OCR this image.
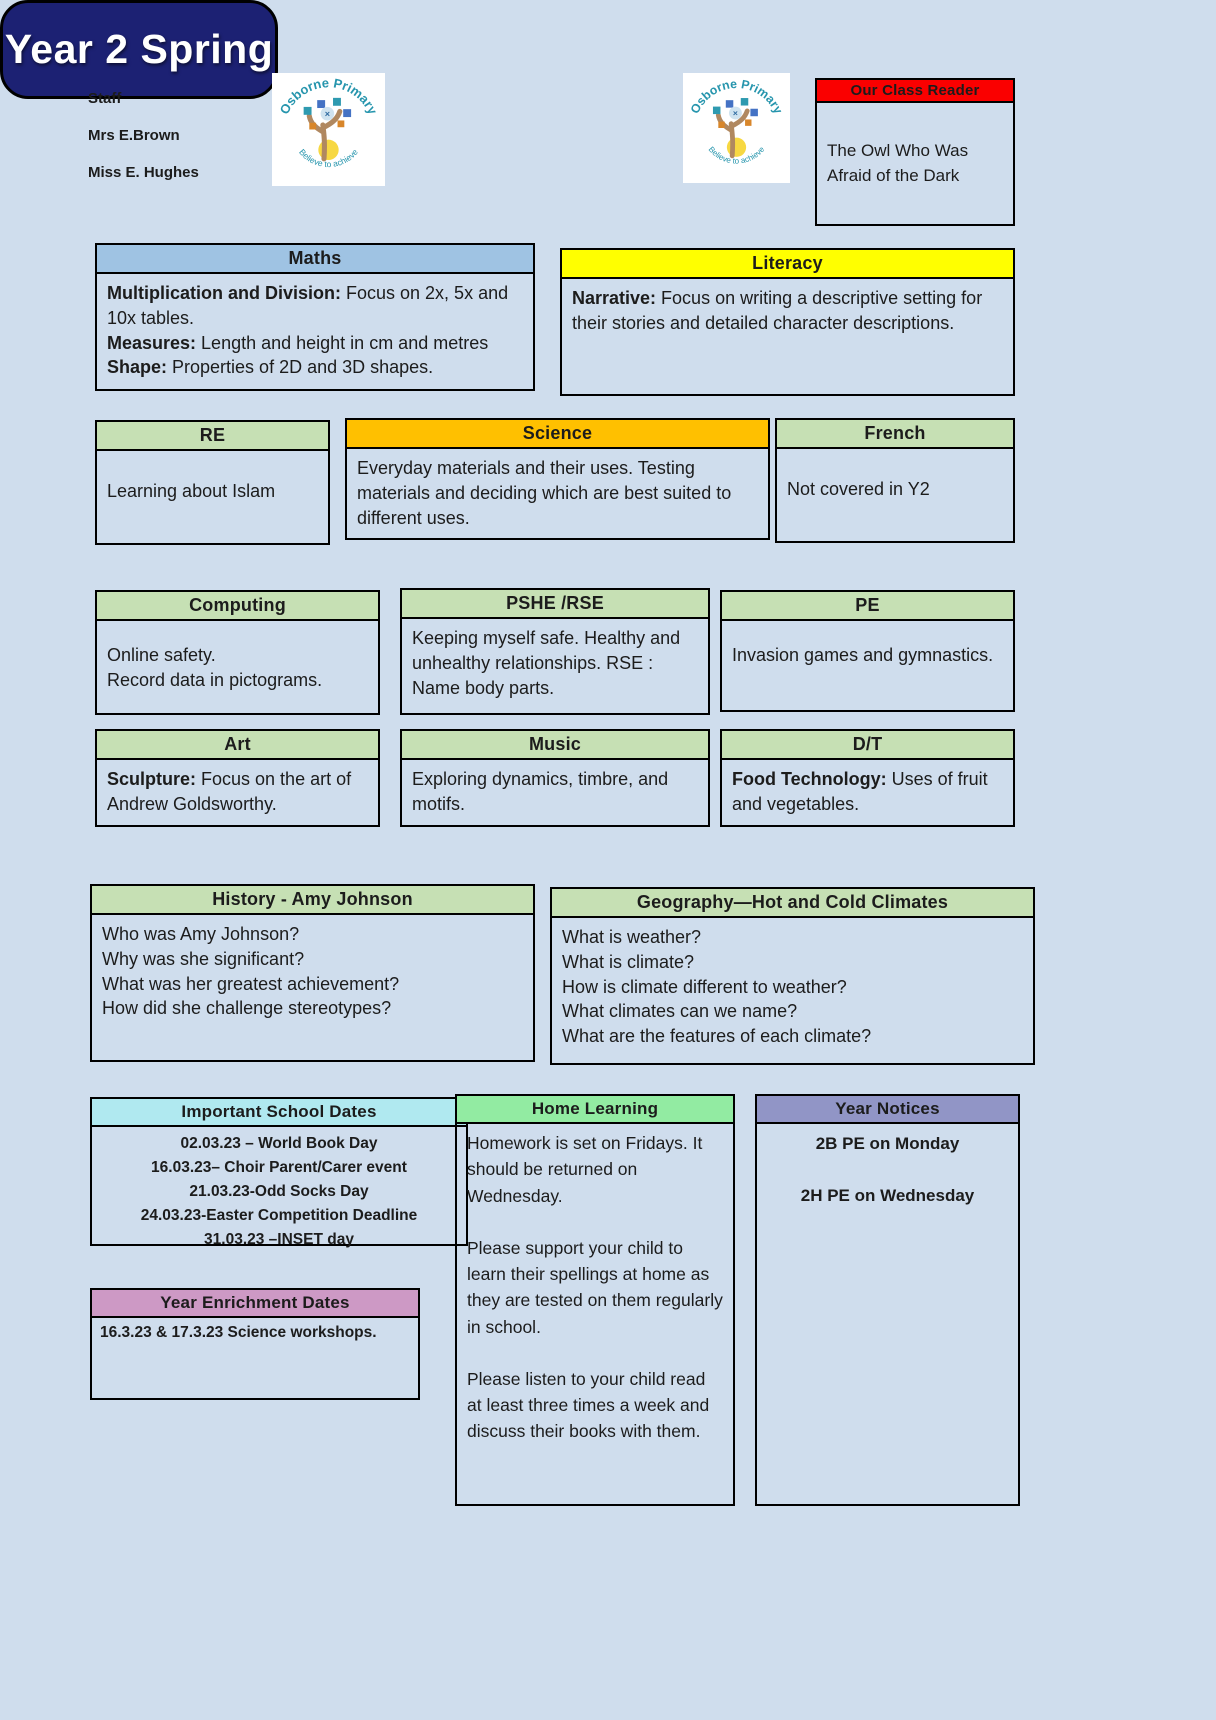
Staff
Mrs E.Brown
Miss E. Hughes
×
Osborne Primary
Believe to achieve
Year 2 Spring
×
Osborne Primary
Believe to achieve
Our Class Reader
The Owl Who Was Afraid of the Dark
Maths
Multiplication and Division: Focus on 2x, 5x and 10x tables.
Measures: Length and height in cm and metres
Shape: Properties of 2D and 3D shapes.
Literacy
Narrative: Focus on writing a descriptive setting for their stories and detailed character descriptions.
RE
Learning about Islam
Science
Everyday materials and their uses. Testing materials and deciding which are best suited to different uses.
French
Not covered in Y2
Computing
Online safety.
Record data in pictograms.
PSHE /RSE
Keeping myself safe. Healthy and unhealthy relationships. RSE : Name body parts.
PE
Invasion games and gymnastics.
Art
Sculpture: Focus on the art of Andrew Goldsworthy.
Music
Exploring dynamics, timbre, and motifs.
D/T
Food Technology: Uses of fruit and vegetables.
History - Amy Johnson
Who was Amy Johnson?
Why was she significant?
What was her greatest achievement?
How did she challenge stereotypes?
Geography—Hot and Cold Climates
What is weather?
What is climate?
How is climate different to weather?
What climates can we name?
What are the features of each climate?
Important School Dates
02.03.23 – World Book Day
16.03.23– Choir Parent/Carer event
21.03.23-Odd Socks Day
24.03.23-Easter Competition Deadline
31.03.23 –INSET day
Year Enrichment Dates
16.3.23 & 17.3.23 Science workshops.
Home Learning

Homework is set on Fridays. It should be returned on Wednesday.

Please support your child to learn their spellings at home as they are tested on them regularly in school.

Please listen to your child read at least three times a week and discuss their books with them.

Year Notices
2B PE on Monday
2H PE on Wednesday
